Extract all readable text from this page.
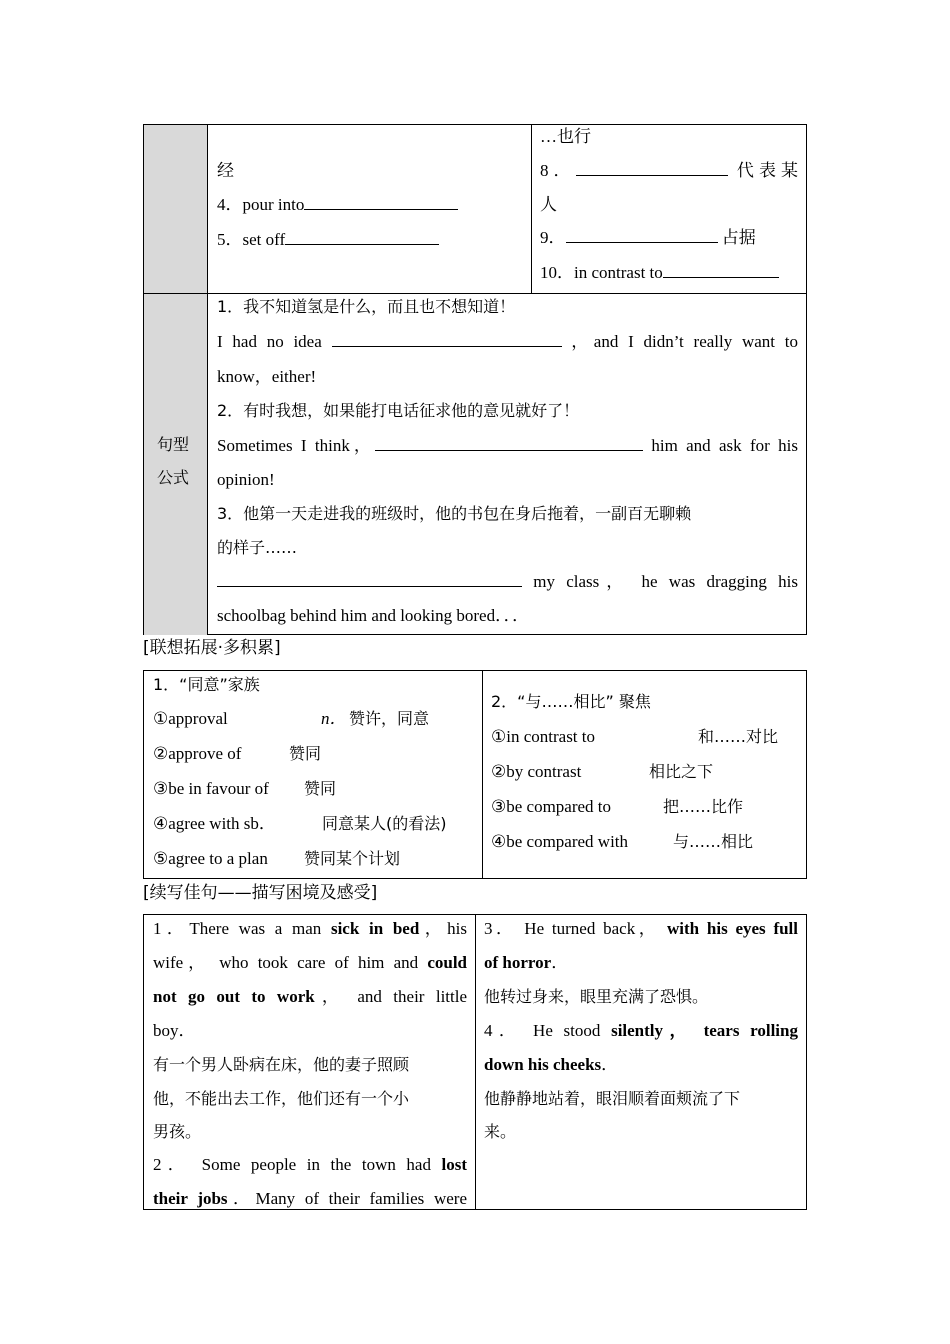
句型
公式
经
4．pour into
5．set off
…也行
8．	代表某
人
9．	占据
10．in contrast to
1．我不知道氢是什么，而且也不想知道！
I had no idea	，and I didn’t really want to
know，either!
2．有时我想，如果能打电话征求他的意见就好了！
Sometimes I think，	him and ask for his
opinion!
3．他第一天走进我的班级时，他的书包在身后拖着，一副百无聊赖
的样子……
my class， he was dragging his
schoolbag behind him and looking bored．．．
[联想拓展·多积累]
1．“同意”家族
①approval	n． 赞许，同意
②approve of	赞同
③be in favour of 赞同
④agree with sb．	同意某人(的看法)
⑤agree to a plan 赞同某个计划
2．“与……相比” 聚焦
①in contrast to	和……对比
②by contrast	相比之下
③be compared to	把……比作
④be compared with	与……相比
[续写佳句——描写困境及感受]
1．There was a man sick in bed，his
wife， who took care of him and could
not go out to work， and their little
boy．
有一个男人卧病在床，他的妻子照顾
他，不能出去工作，他们还有一个小
男孩。
2． Some people in the town had lost
their jobs．Many of their families were
3． He turned back， with his eyes full
of horror．
他转过身来，眼里充满了恐惧。
4． He stood silently， tears rolling
down his cheeks．
他静静地站着，眼泪顺着面颊流了下
来。
